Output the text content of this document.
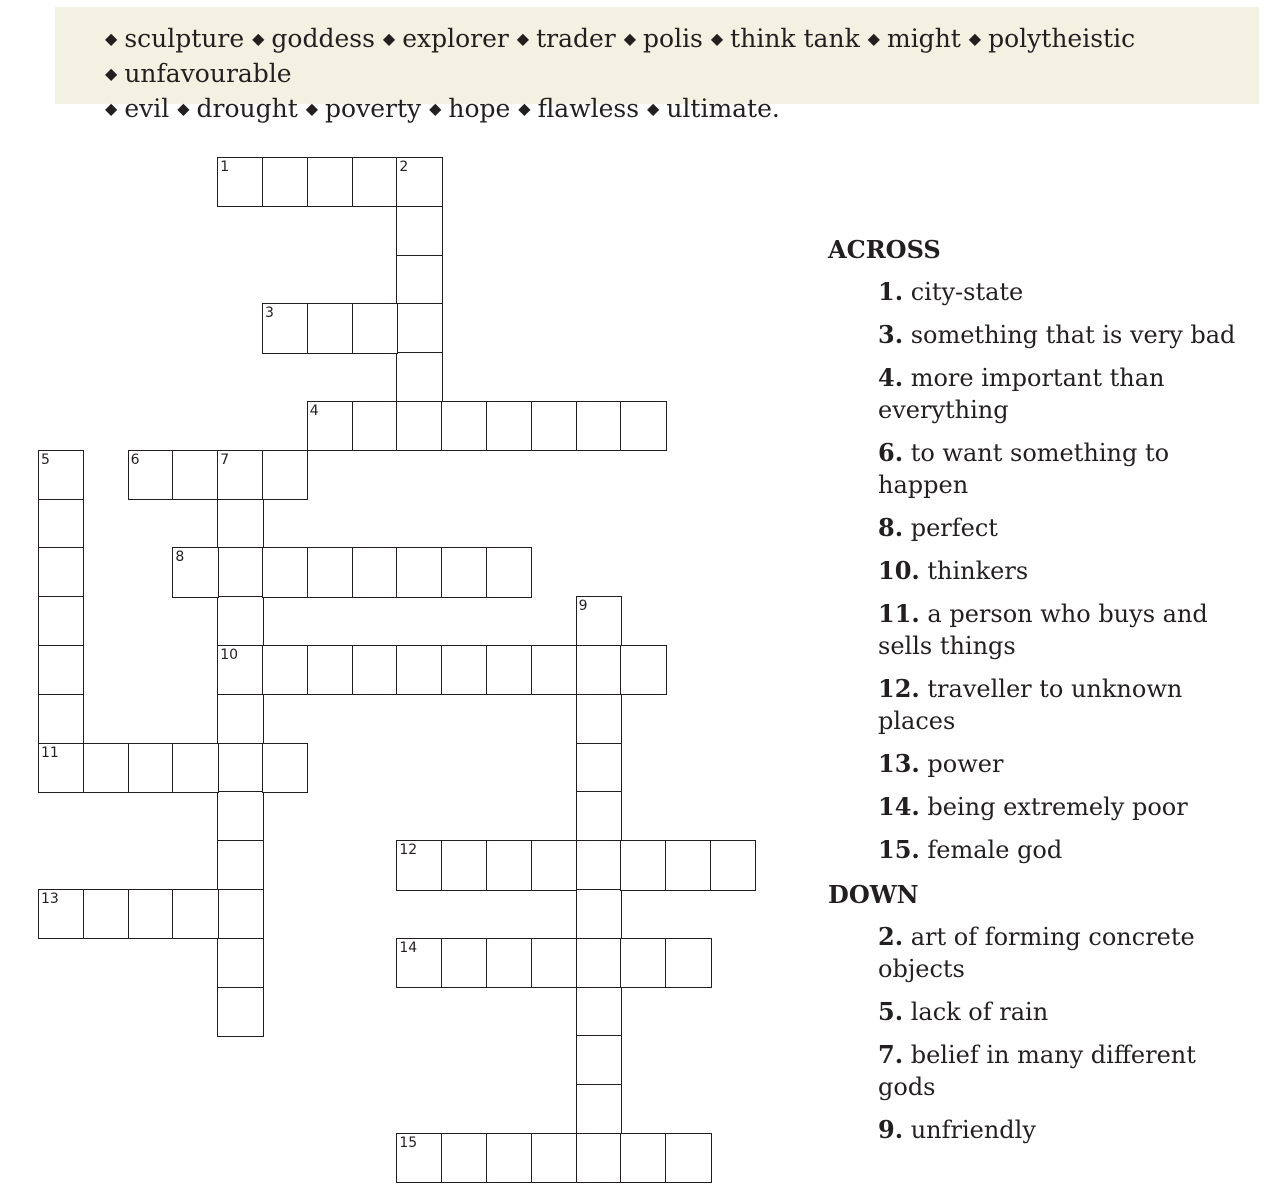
◆ sculpture ◆ goddess ◆ explorer ◆ trader ◆ polis ◆ think tank ◆ might ◆ polytheistic ◆ unfavourable
◆ evil ◆ drought ◆ poverty ◆ hope ◆ flawless ◆ ultimate.
1	2
3
4
5	6	7
10
8
9
11
12
13
14
15
ACROSS
1. city-state
3. something that is very bad
4. more important than everything
6. to want something to happen
8. perfect
10. thinkers
11. a person who buys and sells things
12. traveller to unknown places
13. power
14. being extremely poor
15. female god
DOWN
2. art of forming concrete objects
5. lack of rain
7. belief in many different gods
9. unfriendly
